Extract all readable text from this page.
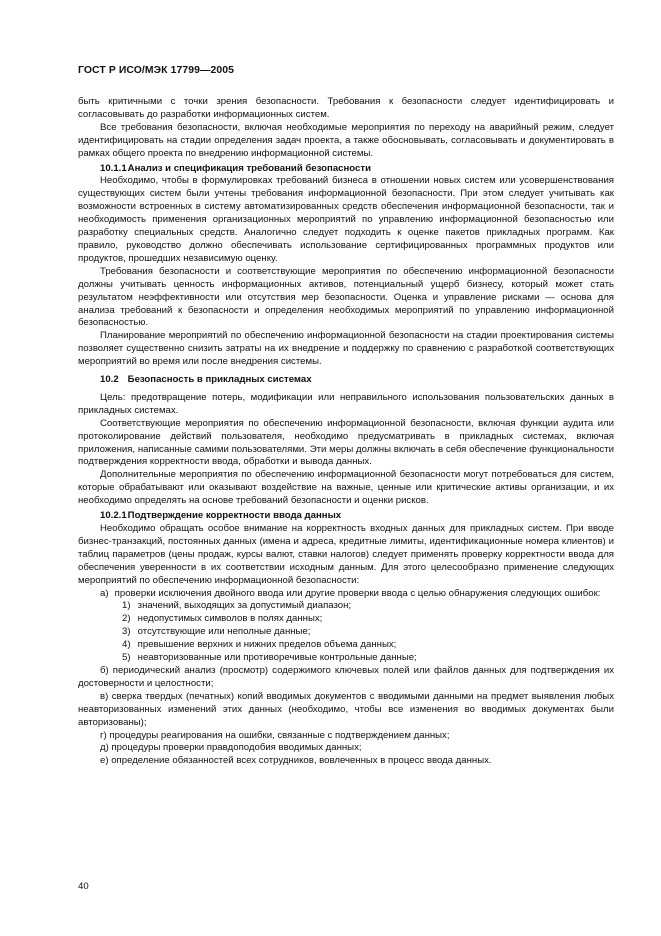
ГОСТ Р ИСО/МЭК 17799—2005

быть критичными с точки зрения безопасности. Требования к безопасности следует идентифицировать и согласовывать до разработки информационных систем.

Все требования безопасности, включая необходимые мероприятия по переходу на аварийный режим, следует идентифицировать на стадии определения задач проекта, а также обосновывать, согласовывать и документировать в рамках общего проекта по внедрению информационной системы.

10.1.1 Анализ и спецификация требований безопасности

Необходимо, чтобы в формулировках требований бизнеса в отношении новых систем или усовершенствования существующих систем были учтены требования информационной безопасности. При этом следует учитывать как возможности встроенных в систему автоматизированных средств обеспечения информационной безопасности, так и необходимость применения организационных мероприятий по управлению информационной безопасностью или разработку специальных средств. Аналогично следует подходить к оценке пакетов прикладных программ. Как правило, руководство должно обеспечивать использование сертифицированных программных продуктов или продуктов, прошедших независимую оценку.

Требования безопасности и соответствующие мероприятия по обеспечению информационной безопасности должны учитывать ценность информационных активов, потенциальный ущерб бизнесу, который может стать результатом неэффективности или отсутствия мер безопасности. Оценка и управление рисками — основа для анализа требований к безопасности и определения необходимых мероприятий по управлению информационной безопасностью.

Планирование мероприятий по обеспечению информационной безопасности на стадии проектирования системы позволяет существенно снизить затраты на их внедрение и поддержку по сравнению с разработкой соответствующих мероприятий во время или после внедрения системы.

10.2 Безопасность в прикладных системах

Цель: предотвращение потерь, модификации или неправильного использования пользовательских данных в прикладных системах.

Соответствующие мероприятия по обеспечению информационной безопасности, включая функции аудита или протоколирование действий пользователя, необходимо предусматривать в прикладных системах, включая приложения, написанные самими пользователями. Эти меры должны включать в себя обеспечение функциональности подтверждения корректности ввода, обработки и вывода данных.

Дополнительные мероприятия по обеспечению информационной безопасности могут потребоваться для систем, которые обрабатывают или оказывают воздействие на важные, ценные или критические активы организации, и их необходимо определять на основе требований безопасности и оценки рисков.

10.2.1 Подтверждение корректности ввода данных

Необходимо обращать особое внимание на корректность входных данных для прикладных систем. При вводе бизнес-транзакций, постоянных данных (имена и адреса, кредитные лимиты, идентификационные номера клиентов) и таблиц параметров (цены продаж, курсы валют, ставки налогов) следует применять проверку корректности ввода для обеспечения уверенности в их соответствии исходным данным. Для этого целесообразно применение следующих мероприятий по обеспечению информационной безопасности:

а) проверки исключения двойного ввода или другие проверки ввода с целью обнаружения следующих ошибок:

1) значений, выходящих за допустимый диапазон;

2) недопустимых символов в полях данных;

3) отсутствующие или неполные данные;

4) превышение верхних и нижних пределов объема данных;

5) неавторизованные или противоречивые контрольные данные;

б) периодический анализ (просмотр) содержимого ключевых полей или файлов данных для подтверждения их достоверности и целостности;

в) сверка твердых (печатных) копий вводимых документов с вводимыми данными на предмет выявления любых неавторизованных изменений этих данных (необходимо, чтобы все изменения во вводимых документах были авторизованы);

г) процедуры реагирования на ошибки, связанные с подтверждением данных;

д) процедуры проверки правдоподобия вводимых данных;

е) определение обязанностей всех сотрудников, вовлеченных в процесс ввода данных.

40
